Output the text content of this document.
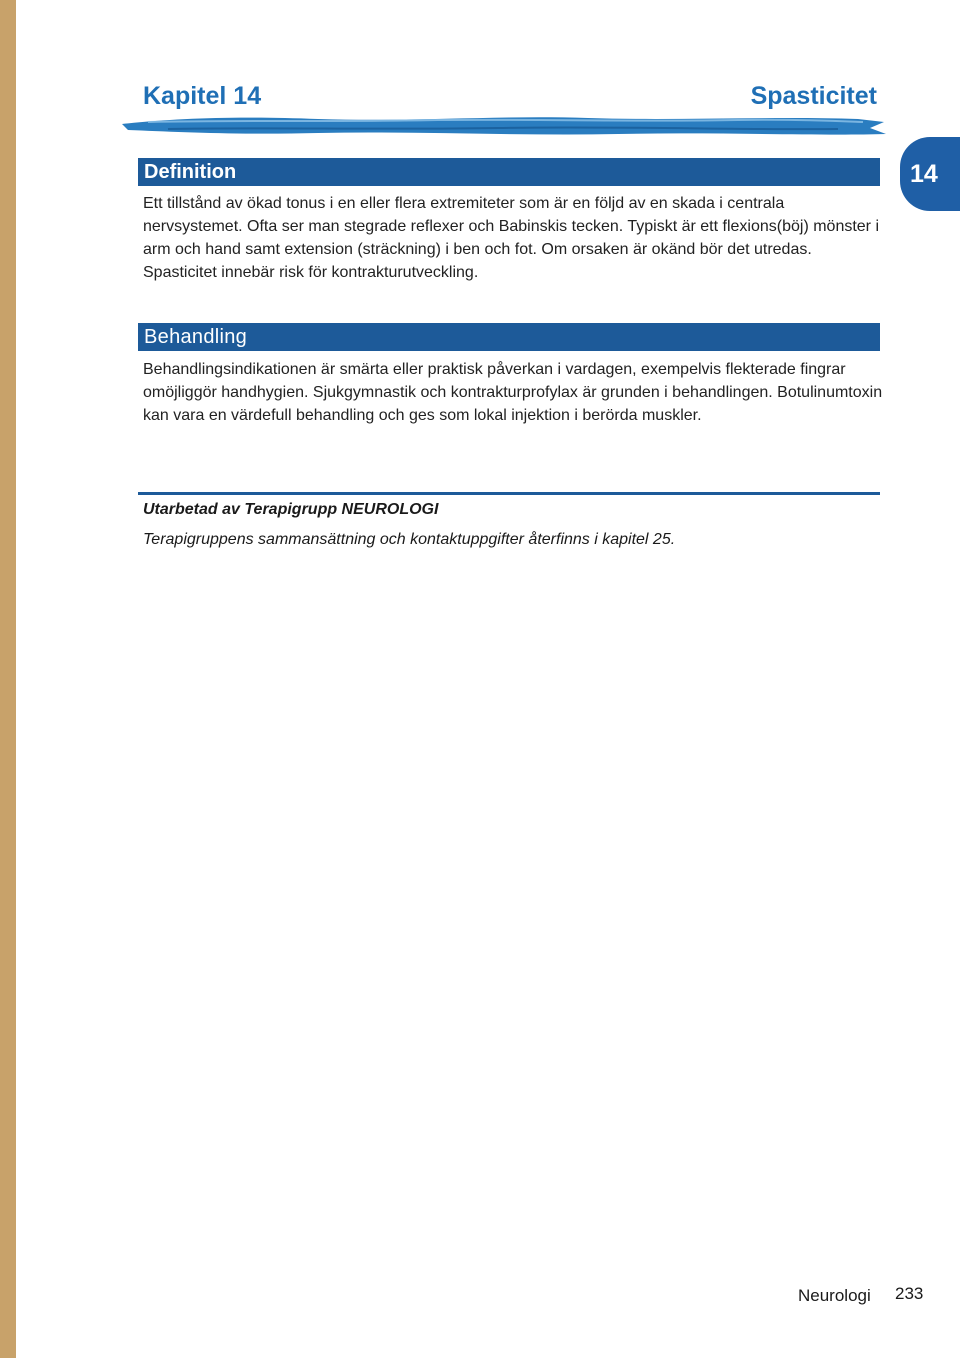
Kapitel 14	Spasticitet
14
Definition

Ett tillstånd av ökad tonus i en eller flera extremiteter som är en följd av en skada i centrala nervsystemet. Ofta ser man stegrade reflexer och Babinskis tecken. Typiskt är ett flexions(böj) mönster i arm och hand samt extension (sträckning) i ben och fot. Om orsaken är okänd bör det utredas. Spasticitet innebär risk för kontrakturutveckling.

Behandling

Behandlingsindikationen är smärta eller praktisk påverkan i vardagen, exempelvis flekterade fingrar omöjliggör handhygien. Sjukgymnastik och kontrakturprofylax är grunden i behandlingen. Botulinumtoxin kan vara en värdefull behandling och ges som lokal injektion i berörda muskler.

Utarbetad av Terapigrupp NEUROLOGI

Terapigruppens sammansättning och kontaktuppgifter återfinns i kapitel 25.

Neurologi 233
